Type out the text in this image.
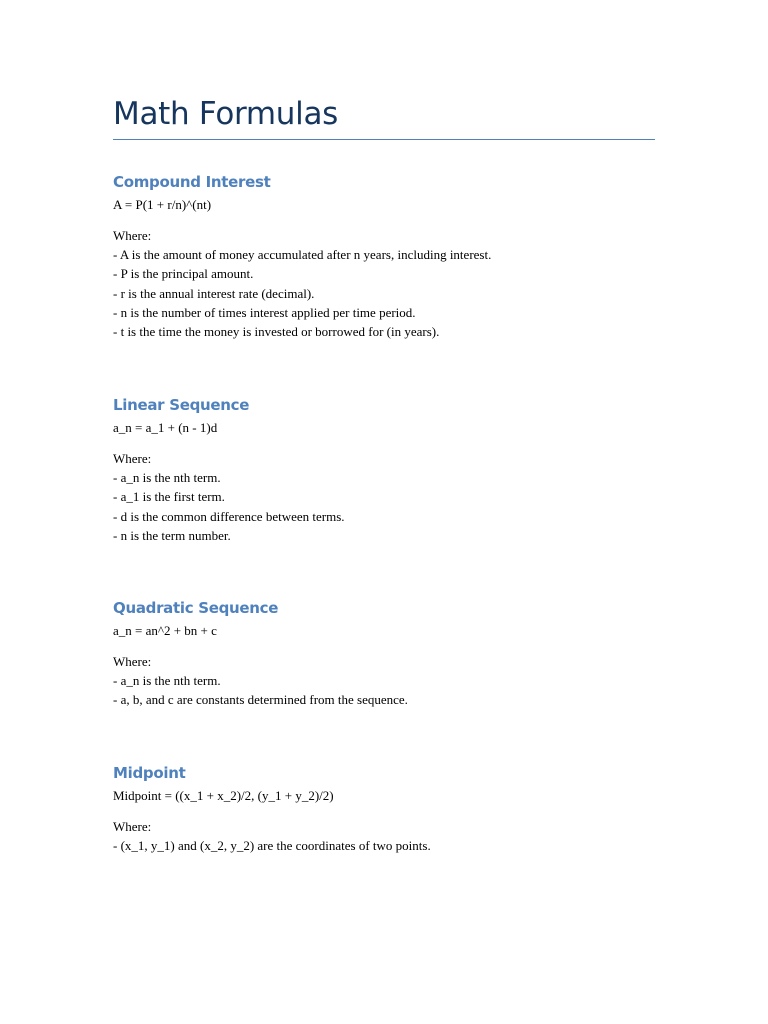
Math Formulas
Compound Interest

A = P(1 + r/n)^(nt)

Where:

- A is the amount of money accumulated after n years, including interest.
- P is the principal amount.
- r is the annual interest rate (decimal).
- n is the number of times interest applied per time period.
- t is the time the money is invested or borrowed for (in years).
Linear Sequence

a_n = a_1 + (n - 1)d

Where:

- a_n is the nth term.
- a_1 is the first term.
- d is the common difference between terms.
- n is the term number.
Quadratic Sequence

a_n = an^2 + bn + c

Where:

- a_n is the nth term.
- a, b, and c are constants determined from the sequence.
Midpoint

Midpoint = ((x_1 + x_2)/2, (y_1 + y_2)/2)

Where:

- (x_1, y_1) and (x_2, y_2) are the coordinates of two points.
